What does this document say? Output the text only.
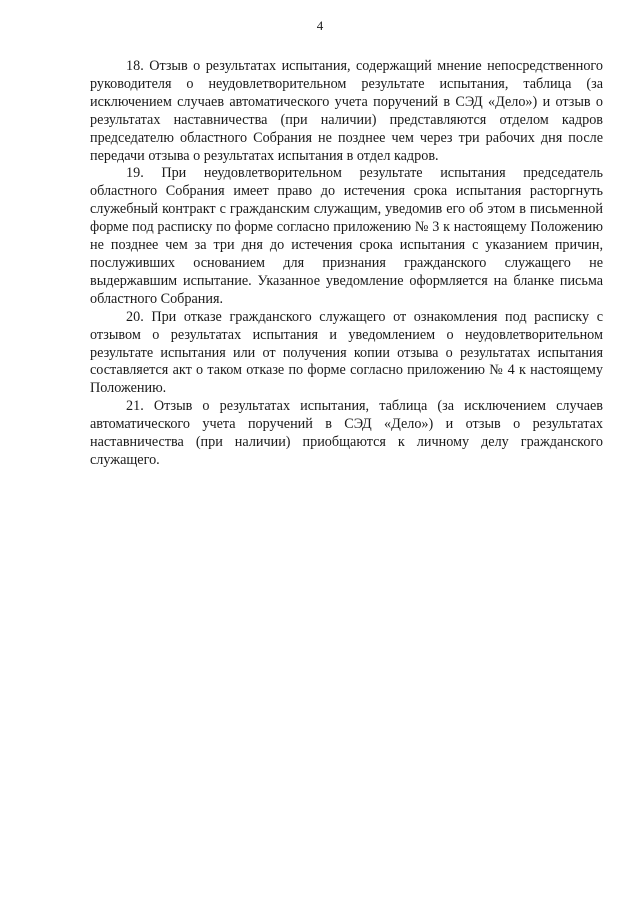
4

18. Отзыв о результатах испытания, содержащий мнение непосредственного руководителя о неудовлетворительном результате испытания, таблица (за исключением случаев автоматического учета поручений в СЭД «Дело») и отзыв о результатах наставничества (при наличии) представляются отделом кадров председателю областного Собрания не позднее чем через три рабочих дня после передачи отзыва о результатах испытания в отдел кадров.

19. При неудовлетворительном результате испытания председатель областного Собрания имеет право до истечения срока испытания расторгнуть служебный контракт с гражданским служащим, уведомив его об этом в письменной форме под расписку по форме согласно приложению № 3 к настоящему Положению не позднее чем за три дня до истечения срока испытания с указанием причин, послуживших основанием для признания гражданского служащего не выдержавшим испытание. Указанное уведомление оформляется на бланке письма областного Собрания.

20. При отказе гражданского служащего от ознакомления под расписку с отзывом о результатах испытания и уведомлением о неудовлетворительном результате испытания или от получения копии отзыва о результатах испытания составляется акт о таком отказе по форме согласно приложению № 4 к настоящему Положению.

21. Отзыв о результатах испытания, таблица (за исключением случаев автоматического учета поручений в СЭД «Дело») и отзыв о результатах наставничества (при наличии) приобщаются к личному делу гражданского служащего.
